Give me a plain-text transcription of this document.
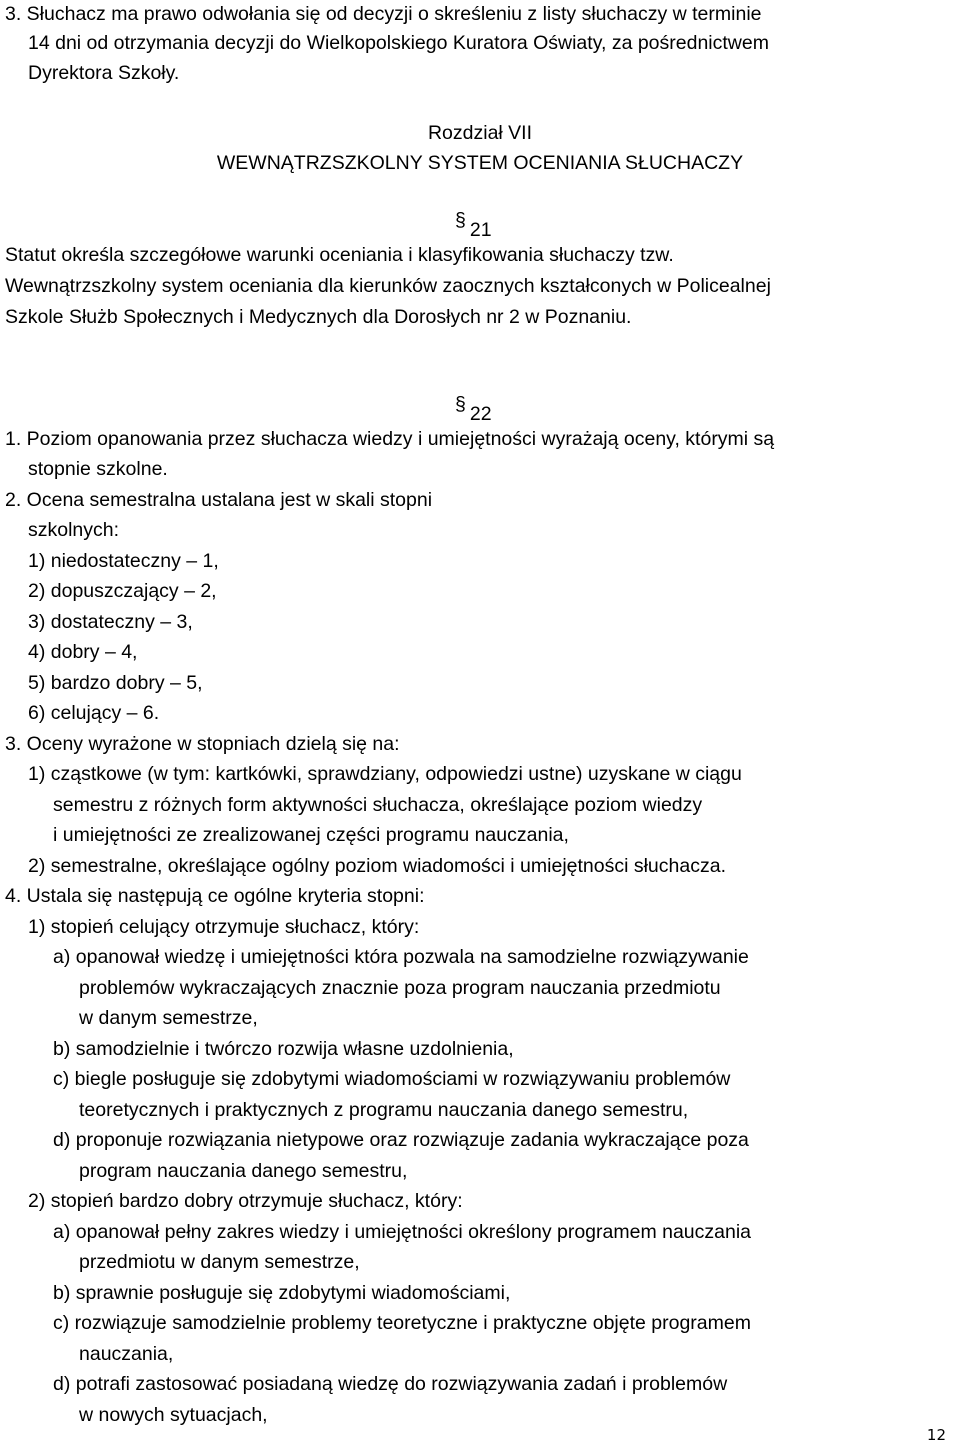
3. Słuchacz ma prawo odwołania się od decyzji o skreśleniu z listy słuchaczy w terminie
14 dni od otrzymania decyzji do Wielkopolskiego Kuratora Oświaty, za pośrednictwem
Dyrektora Szkoły.
Rozdział VII
WEWNĄTRZSZKOLNY SYSTEM OCENIANIA SŁUCHACZY
§ 21
Statut określa szczegółowe warunki oceniania i klasyfikowania słuchaczy tzw.
Wewnątrzszkolny system oceniania dla kierunków zaocznych kształconych w Policealnej
Szkole Służb Społecznych i Medycznych dla Dorosłych nr 2 w Poznaniu.
§ 22
1. Poziom opanowania przez słuchacza wiedzy i umiejętności wyrażają oceny, którymi są
stopnie szkolne.
2. Ocena semestralna ustalana jest w skali stopni
szkolnych:
1) niedostateczny – 1,
2) dopuszczający – 2,
3) dostateczny – 3,
4) dobry – 4,
5) bardzo dobry – 5,
6) celujący – 6.
3. Oceny wyrażone w stopniach dzielą się na:
1) cząstkowe (w tym: kartkówki, sprawdziany, odpowiedzi ustne) uzyskane w ciągu
semestru z różnych form aktywności słuchacza, określające poziom wiedzy
i umiejętności ze zrealizowanej części programu nauczania,
2) semestralne, określające ogólny poziom wiadomości i umiejętności słuchacza.
4. Ustala się następują ce ogólne kryteria stopni:
1) stopień celujący otrzymuje słuchacz, który:
a) opanował wiedzę i umiejętności która pozwala na samodzielne rozwiązywanie
problemów wykraczających znacznie poza program nauczania przedmiotu
w danym semestrze,
b) samodzielnie i twórczo rozwija własne uzdolnienia,
c) biegle posługuje się zdobytymi wiadomościami w rozwiązywaniu problemów
teoretycznych i praktycznych z programu nauczania danego semestru,
d) proponuje rozwiązania nietypowe oraz rozwiązuje zadania wykraczające poza
program nauczania danego semestru,
2) stopień bardzo dobry otrzymuje słuchacz, który:
a) opanował pełny zakres wiedzy i umiejętności określony programem nauczania
przedmiotu w danym semestrze,
b) sprawnie posługuje się zdobytymi wiadomościami,
c) rozwiązuje samodzielnie problemy teoretyczne i praktyczne objęte programem
nauczania,
d) potrafi zastosować posiadaną wiedzę do rozwiązywania zadań i problemów
w nowych sytuacjach,
12
